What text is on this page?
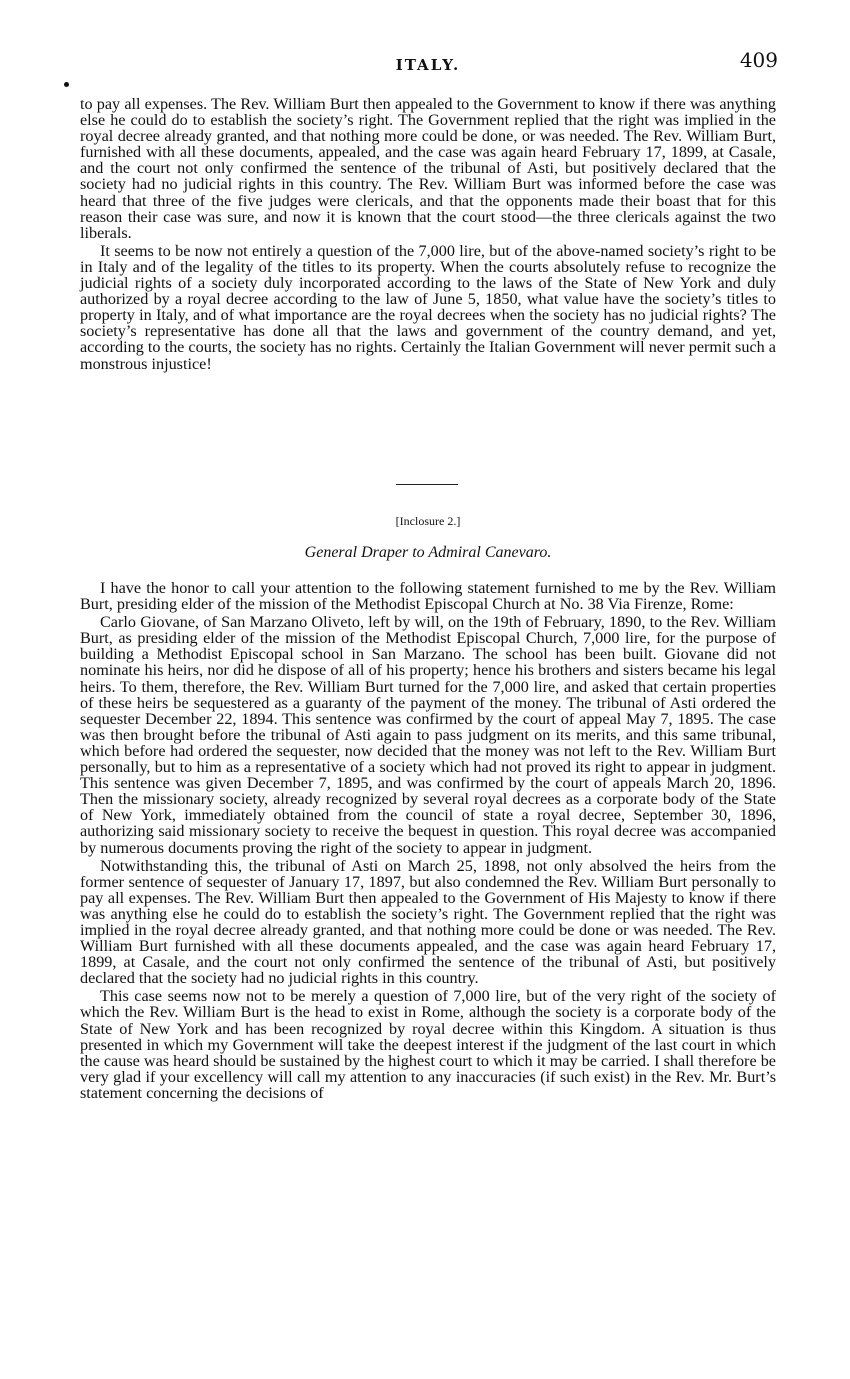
ITALY.	409

to pay all expenses. The Rev. William Burt then appealed to the Government to know if there was anything else he could do to establish the society’s right. The Government replied that the right was implied in the royal decree already granted, and that nothing more could be done, or was needed. The Rev. William Burt, furnished with all these documents, appealed, and the case was again heard February 17, 1899, at Casale, and the court not only confirmed the sentence of the tribunal of Asti, but positively declared that the society had no judicial rights in this country. The Rev. William Burt was informed before the case was heard that three of the five judges were clericals, and that the opponents made their boast that for this reason their case was sure, and now it is known that the court stood—the three clericals against the two liberals.

It seems to be now not entirely a question of the 7,000 lire, but of the above-named society’s right to be in Italy and of the legality of the titles to its property. When the courts absolutely refuse to recognize the judicial rights of a society duly incorporated according to the laws of the State of New York and duly authorized by a royal decree according to the law of June 5, 1850, what value have the society’s titles to property in Italy, and of what importance are the royal decrees when the society has no judicial rights? The society’s representative has done all that the laws and government of the country demand, and yet, according to the courts, the society has no rights. Certainly the Italian Government will never permit such a monstrous injustice!

[Inclosure 2.]
General Draper to Admiral Canevaro.

I have the honor to call your attention to the following statement furnished to me by the Rev. William Burt, presiding elder of the mission of the Methodist Episcopal Church at No. 38 Via Firenze, Rome:

Carlo Giovane, of San Marzano Oliveto, left by will, on the 19th of February, 1890, to the Rev. William Burt, as presiding elder of the mission of the Methodist Episcopal Church, 7,000 lire, for the purpose of building a Methodist Episcopal school in San Marzano. The school has been built. Giovane did not nominate his heirs, nor did he dispose of all of his property; hence his brothers and sisters became his legal heirs. To them, therefore, the Rev. William Burt turned for the 7,000 lire, and asked that certain properties of these heirs be sequestered as a guaranty of the payment of the money. The tribunal of Asti ordered the sequester December 22, 1894. This sentence was confirmed by the court of appeal May 7, 1895. The case was then brought before the tribunal of Asti again to pass judgment on its merits, and this same tribunal, which before had ordered the sequester, now decided that the money was not left to the Rev. William Burt personally, but to him as a representative of a society which had not proved its right to appear in judgment. This sentence was given December 7, 1895, and was confirmed by the court of appeals March 20, 1896. Then the missionary society, already recognized by several royal decrees as a corporate body of the State of New York, immediately obtained from the council of state a royal decree, September 30, 1896, authorizing said missionary society to receive the bequest in question. This royal decree was accompanied by numerous documents proving the right of the society to appear in judgment.

Notwithstanding this, the tribunal of Asti on March 25, 1898, not only absolved the heirs from the former sentence of sequester of January 17, 1897, but also condemned the Rev. William Burt personally to pay all expenses. The Rev. William Burt then appealed to the Government of His Majesty to know if there was anything else he could do to establish the society’s right. The Government replied that the right was implied in the royal decree already granted, and that nothing more could be done or was needed. The Rev. William Burt furnished with all these documents appealed, and the case was again heard February 17, 1899, at Casale, and the court not only confirmed the sentence of the tribunal of Asti, but positively declared that the society had no judicial rights in this country.

This case seems now not to be merely a question of 7,000 lire, but of the very right of the society of which the Rev. William Burt is the head to exist in Rome, although the society is a corporate body of the State of New York and has been recognized by royal decree within this Kingdom. A situation is thus presented in which my Government will take the deepest interest if the judgment of the last court in which the cause was heard should be sustained by the highest court to which it may be carried. I shall therefore be very glad if your excellency will call my attention to any inaccuracies (if such exist) in the Rev. Mr. Burt’s statement concerning the decisions of
